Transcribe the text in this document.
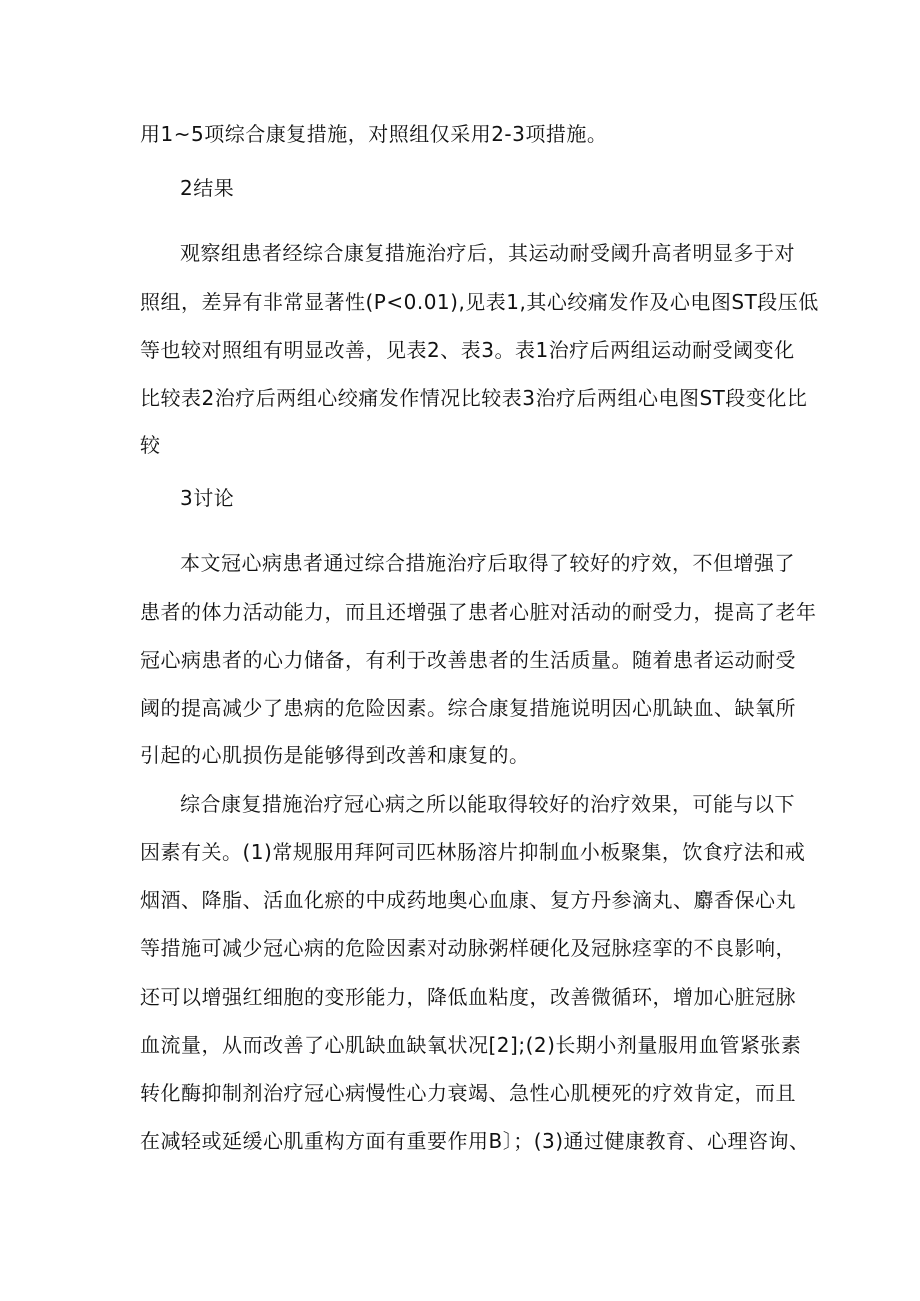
用1~5项综合康复措施，对照组仅采用2-3项措施。
2结果
观察组患者经综合康复措施治疗后，其运动耐受阈升高者明显多于对
照组，差异有非常显著性(P<0.01),见表1,其心绞痛发作及心电图ST段压低
等也较对照组有明显改善，见表2、表3。表1治疗后两组运动耐受阈变化
比较表2治疗后两组心绞痛发作情况比较表3治疗后两组心电图ST段变化比
较
3讨论
本文冠心病患者通过综合措施治疗后取得了较好的疗效，不但增强了
患者的体力活动能力，而且还增强了患者心脏对活动的耐受力，提高了老年
冠心病患者的心力储备，有利于改善患者的生活质量。随着患者运动耐受
阈的提高减少了患病的危险因素。综合康复措施说明因心肌缺血、缺氧所
引起的心肌损伤是能够得到改善和康复的。
综合康复措施治疗冠心病之所以能取得较好的治疗效果，可能与以下
因素有关。(1)常规服用拜阿司匹林肠溶片抑制血小板聚集，饮食疗法和戒
烟酒、降脂、活血化瘀的中成药地奥心血康、复方丹参滴丸、麝香保心丸
等措施可减少冠心病的危险因素对动脉粥样硬化及冠脉痉挛的不良影响，
还可以增强红细胞的变形能力，降低血粘度，改善微循环，增加心脏冠脉
血流量，从而改善了心肌缺血缺氧状况[2];(2)长期小剂量服用血管紧张素
转化酶抑制剂治疗冠心病慢性心力衰竭、急性心肌梗死的疗效肯定，而且
在减轻或延缓心肌重构方面有重要作用B〕；(3)通过健康教育、心理咨询、
